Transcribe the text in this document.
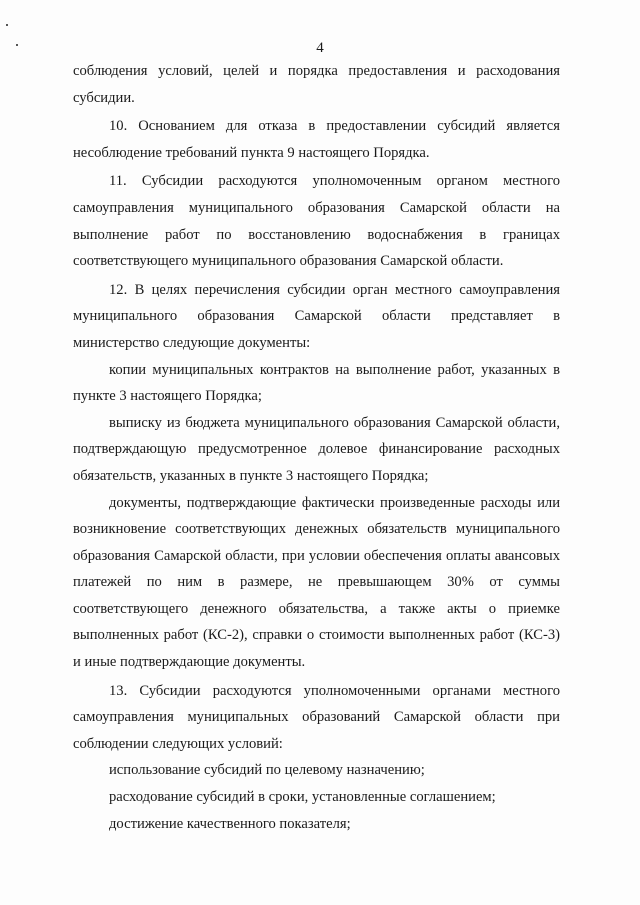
4

соблюдения условий, целей и порядка предоставления и расходования субсидии.

10. Основанием для отказа в предоставлении субсидий является несоблюдение требований пункта 9 настоящего Порядка.

11. Субсидии расходуются уполномоченным органом местного самоуправления муниципального образования Самарской области на выполнение работ по восстановлению водоснабжения в границах соответствующего муниципального образования Самарской области.

12. В целях перечисления субсидии орган местного самоуправления муниципального образования Самарской области представляет в министерство следующие документы:

копии муниципальных контрактов на выполнение работ, указанных в пункте 3 настоящего Порядка;

выписку из бюджета муниципального образования Самарской области, подтверждающую предусмотренное долевое финансирование расходных обязательств, указанных в пункте 3 настоящего Порядка;

документы, подтверждающие фактически произведенные расходы или возникновение соответствующих денежных обязательств муниципального образования Самарской области, при условии обеспечения оплаты авансовых платежей по ним в размере, не превышающем 30% от суммы соответствующего денежного обязательства, а также акты о приемке выполненных работ (КС-2), справки о стоимости выполненных работ (КС-3) и иные подтверждающие документы.

13. Субсидии расходуются уполномоченными органами местного самоуправления муниципальных образований Самарской области при соблюдении следующих условий:

использование субсидий по целевому назначению;

расходование субсидий в сроки, установленные соглашением;

достижение качественного показателя;
